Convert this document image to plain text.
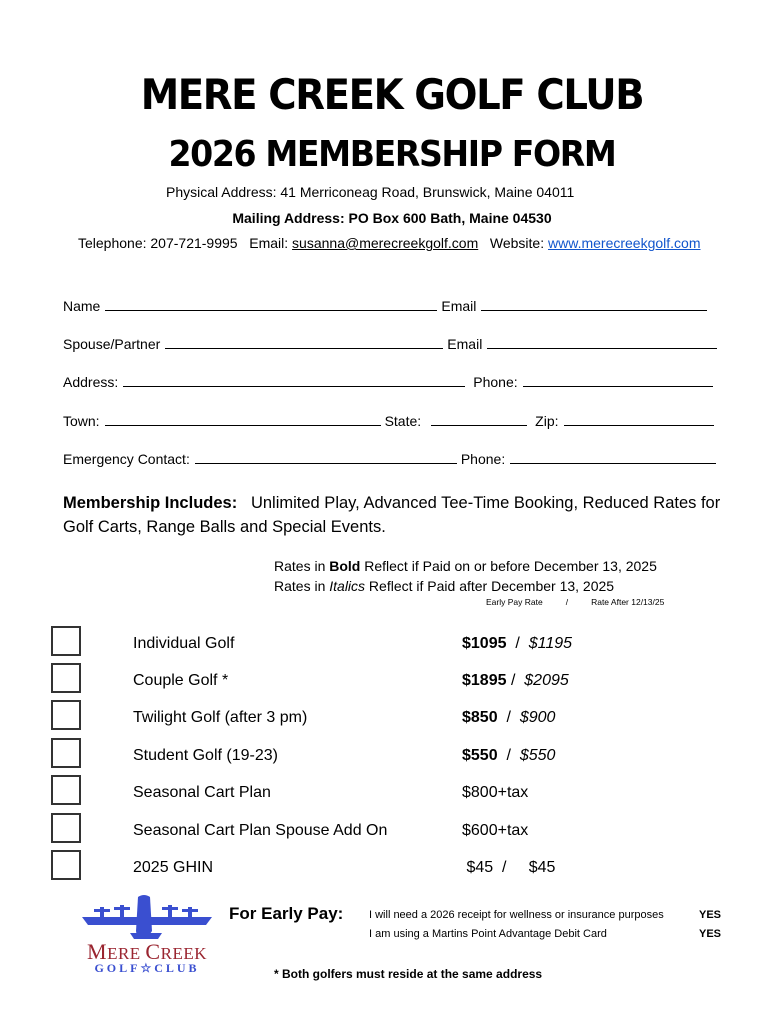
MERE CREEK GOLF CLUB
2026 MEMBERSHIP FORM
Physical Address: 41 Merriconeag Road, Brunswick, Maine 04011
Mailing Address: PO Box 600 Bath, Maine 04530
Telephone: 207-721-9995   Email: susanna@merecreekgolf.com   Website: www.merecreekgolf.com
Name	Email
Spouse/Partner	Email
Address:	Phone:
Town:	State:	Zip:
Emergency Contact:	Phone:
Membership Includes:   Unlimited Play, Advanced Tee-Time Booking, Reduced Rates for Golf Carts, Range Balls and Special Events.
Rates in Bold Reflect if Paid on or before December 13, 2025
Rates in Italics Reflect if Paid after December 13, 2025
Early Pay Rate	/	Rate After 12/13/25
Individual Golf	$1095  /  $1195
Couple Golf *	$1895 /  $2095
Twilight Golf (after 3 pm)	$850  /  $900
Student Golf (19-23)	$550  /  $550
Seasonal Cart Plan	$800+tax
Seasonal Cart Plan Spouse Add On	$600+tax
2025 GHIN	$45  /     $45
MERE CREEK
GOLF☆CLUB
For Early Pay: I will need a 2026 receipt for wellness or insurance purposes	YES
I am using a Martins Point Advantage Debit Card	YES
* Both golfers must reside at the same address
